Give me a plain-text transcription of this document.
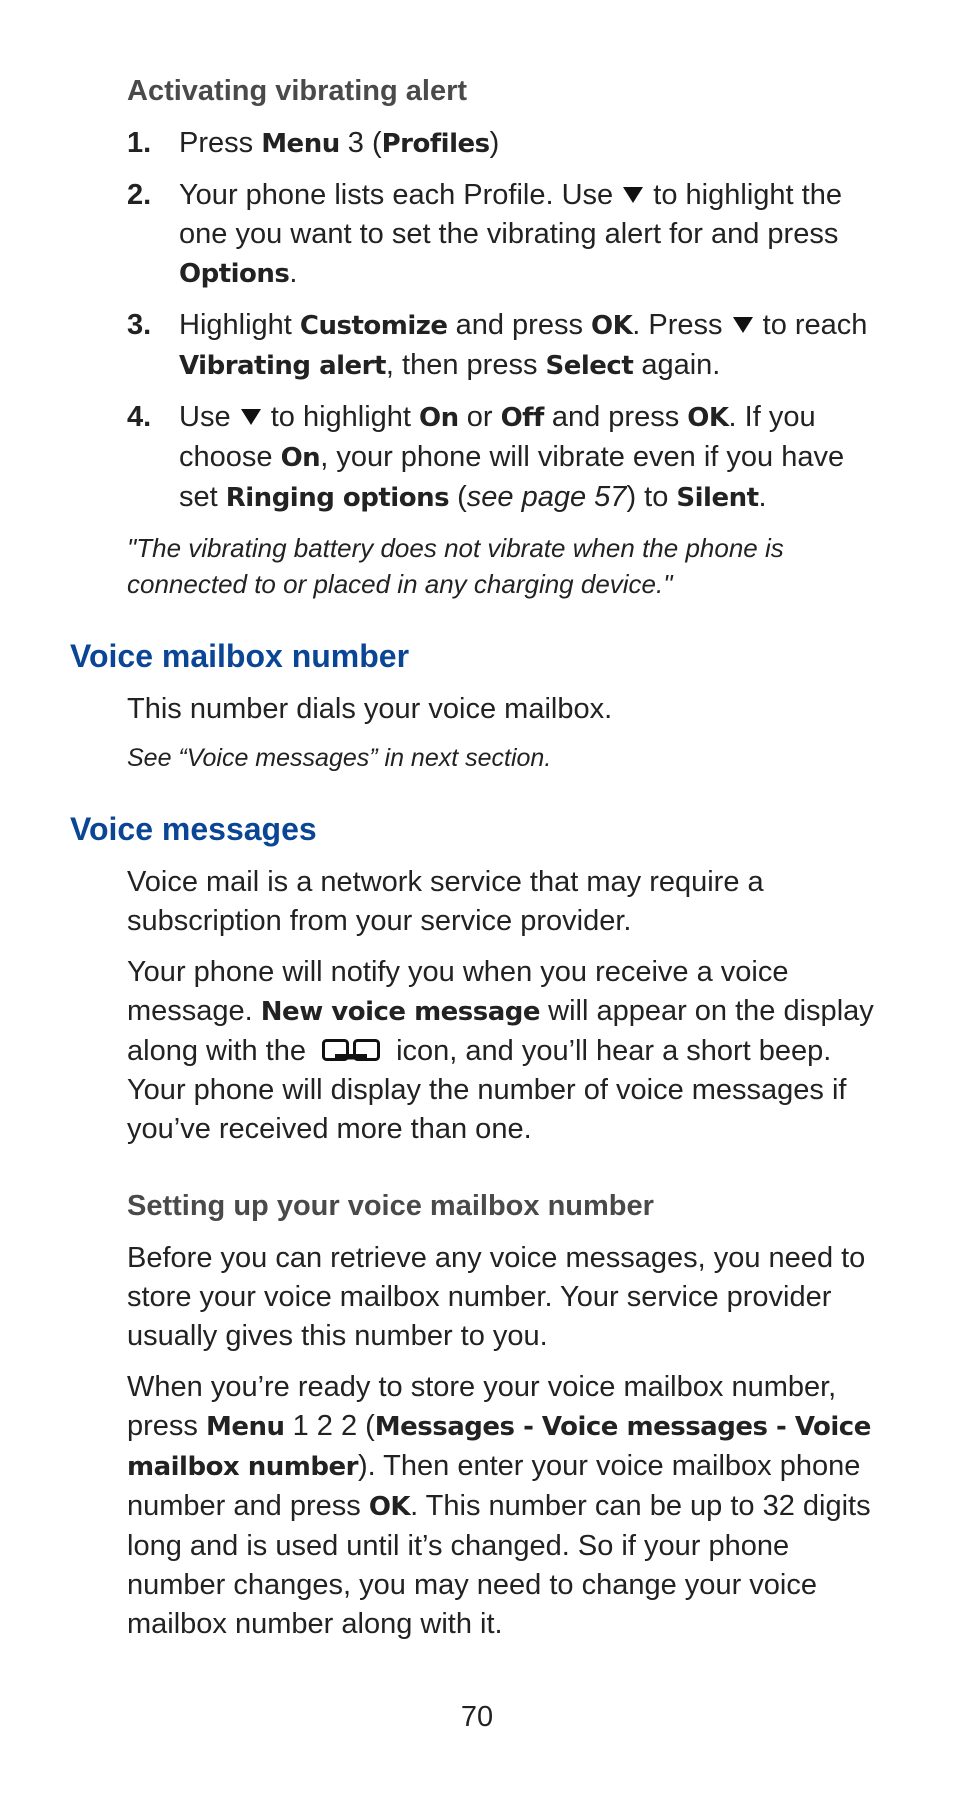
Activating vibrating alert
1. Press Menu 3 (Profiles)
2. Your phone lists each Profile. Use  to highlight the one you want to set the vibrating alert for and press Options.
3. Highlight Customize and press OK. Press  to reach Vibrating alert, then press Select again.
4. Use  to highlight On or Off and press OK. If you choose On, your phone will vibrate even if you have set Ringing options (see page 57) to Silent.

"The vibrating battery does not vibrate when the phone is connected to or placed in any charging device."

Voice mailbox number

This number dials your voice mailbox.

See “Voice messages” in next section.

Voice messages

Voice mail is a network service that may require a subscription from your service provider.

Your phone will notify you when you receive a voice message. New voice message will appear on the display along with the	icon, and you’ll hear a short beep. Your phone will display the number of voice messages if you’ve received more than one.

Setting up your voice mailbox number

Before you can retrieve any voice messages, you need to store your voice mailbox number. Your service provider usually gives this number to you.

When you’re ready to store your voice mailbox number, press Menu 1 2 2 (Messages - Voice messages - Voice mailbox number). Then enter your voice mailbox phone number and press OK. This number can be up to 32 digits long and is used until it’s changed. So if your phone number changes, you may need to change your voice mailbox number along with it.

70
